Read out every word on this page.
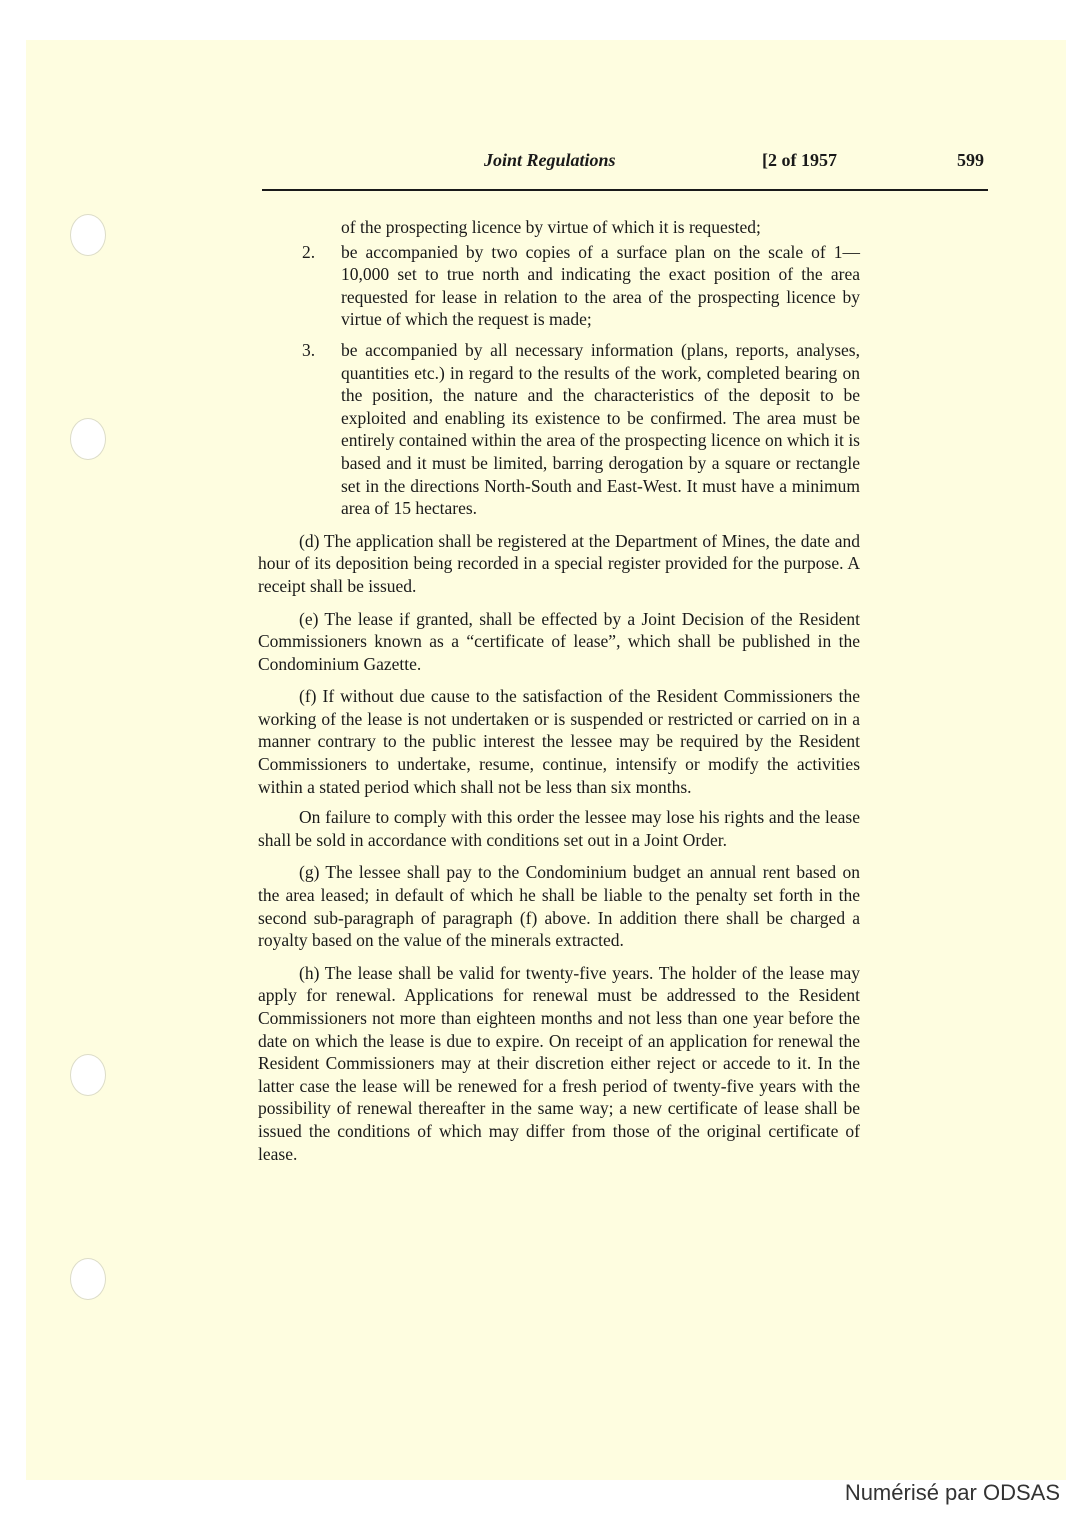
Joint Regulations	[2 of 1957	599

of the prospecting licence by virtue of which it is requested;

2. be accompanied by two copies of a surface plan on the scale of 1—10,000 set to true north and indicating the exact position of the area requested for lease in relation to the area of the prospecting licence by virtue of which the request is made;

3. be accompanied by all necessary information (plans, reports, analyses, quantities etc.) in regard to the results of the work, completed bearing on the position, the nature and the characteristics of the deposit to be exploited and enabling its existence to be confirmed. The area must be entirely contained within the area of the prospecting licence on which it is based and it must be limited, barring derogation by a square or rectangle set in the directions North-South and East-West. It must have a minimum area of 15 hectares.

(d) The application shall be registered at the Department of Mines, the date and hour of its deposition being recorded in a special register provided for the purpose. A receipt shall be issued.

(e) The lease if granted, shall be effected by a Joint Decision of the Resident Commissioners known as a “certificate of lease”, which shall be published in the Condominium Gazette.

(f) If without due cause to the satisfaction of the Resident Commissioners the working of the lease is not undertaken or is suspended or restricted or carried on in a manner contrary to the public interest the lessee may be required by the Resident Commissioners to undertake, resume, continue, intensify or modify the activities within a stated period which shall not be less than six months.

On failure to comply with this order the lessee may lose his rights and the lease shall be sold in accordance with conditions set out in a Joint Order.

(g) The lessee shall pay to the Condominium budget an annual rent based on the area leased; in default of which he shall be liable to the penalty set forth in the second sub-paragraph of paragraph (f) above. In addition there shall be charged a royalty based on the value of the minerals extracted.

(h) The lease shall be valid for twenty-five years. The holder of the lease may apply for renewal. Applications for renewal must be addressed to the Resident Commissioners not more than eighteen months and not less than one year before the date on which the lease is due to expire. On receipt of an application for renewal the Resident Commissioners may at their discretion either reject or accede to it. In the latter case the lease will be renewed for a fresh period of twenty-five years with the possibility of renewal thereafter in the same way; a new certificate of lease shall be issued the conditions of which may differ from those of the original certificate of lease.

Numérisé par ODSAS
